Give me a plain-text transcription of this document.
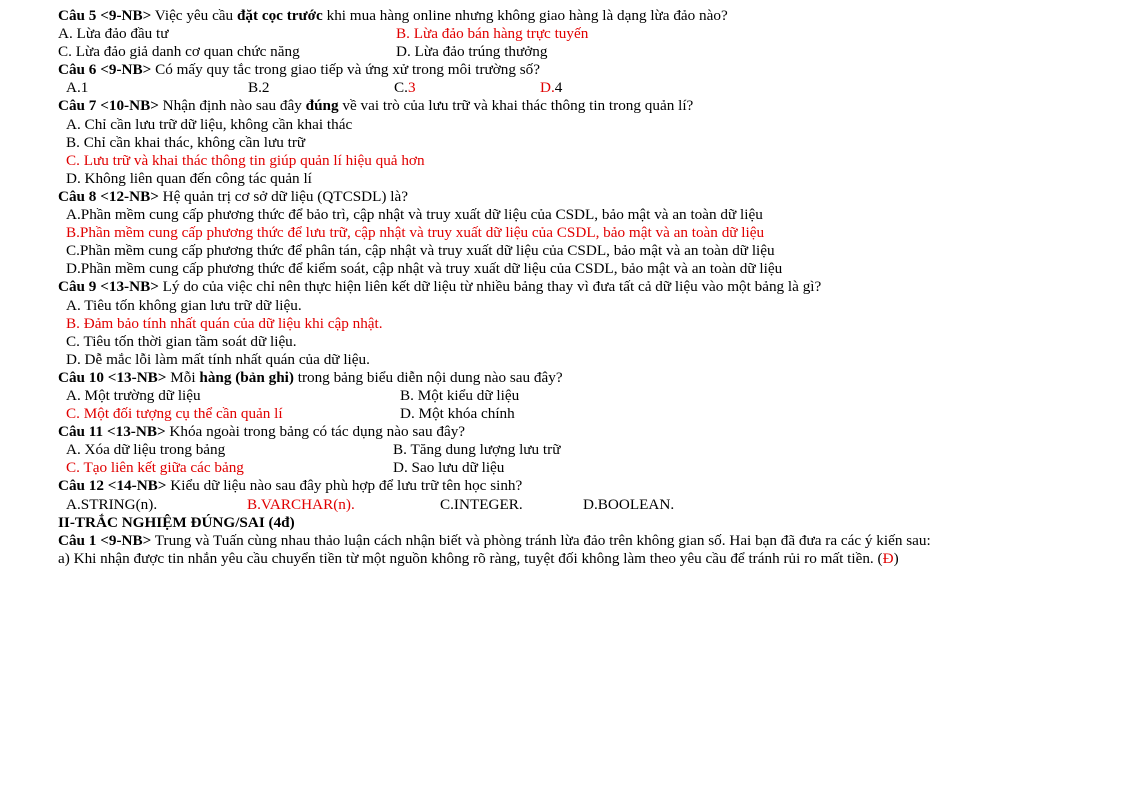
Câu 5 <9-NB> Việc yêu cầu đặt cọc trước khi mua hàng online nhưng không giao hàng là dạng lừa đảo nào?
A. Lừa đảo đầu tư	B. Lừa đảo bán hàng trực tuyến
C. Lừa đảo giả danh cơ quan chức năng	D. Lừa đảo trúng thưởng
Câu 6 <9-NB> Có mấy quy tắc trong giao tiếp và ứng xử trong môi trường số?
A.1	B.2	C.3	D.4
Câu 7 <10-NB> Nhận định nào sau đây đúng về vai trò của lưu trữ và khai thác thông tin trong quản lí?
A. Chỉ cần lưu trữ dữ liệu, không cần khai thác
B. Chỉ cần khai thác, không cần lưu trữ
C. Lưu trữ và khai thác thông tin giúp quản lí hiệu quả hơn
D. Không liên quan đến công tác quản lí
Câu 8 <12-NB> Hệ quản trị cơ sở dữ liệu (QTCSDL) là?
A.Phần mềm cung cấp phương thức để bảo trì, cập nhật và truy xuất dữ liệu của CSDL, bảo mật và an toàn dữ liệu
B.Phần mềm cung cấp phương thức để lưu trữ, cập nhật và truy xuất dữ liệu của CSDL, bảo mật và an toàn dữ liệu
C.Phần mềm cung cấp phương thức để phân tán, cập nhật và truy xuất dữ liệu của CSDL, bảo mật và an toàn dữ liệu
D.Phần mềm cung cấp phương thức để kiểm soát, cập nhật và truy xuất dữ liệu của CSDL, bảo mật và an toàn dữ liệu
Câu 9 <13-NB> Lý do của việc chỉ nên thực hiện liên kết dữ liệu từ nhiều bảng thay vì đưa tất cả dữ liệu vào một bảng là gì?
A. Tiêu tốn không gian lưu trữ dữ liệu.
B. Đảm bảo tính nhất quán của dữ liệu khi cập nhật.
C. Tiêu tốn thời gian tầm soát dữ liệu.
D. Dễ mắc lỗi làm mất tính nhất quán của dữ liệu.
Câu 10 <13-NB> Mỗi hàng (bản ghi) trong bảng biểu diễn nội dung nào sau đây?
A. Một trường dữ liệu	B. Một kiểu dữ liệu
C. Một đối tượng cụ thể cần quản lí	D. Một khóa chính
Câu 11 <13-NB> Khóa ngoài trong bảng có tác dụng nào sau đây?
A. Xóa dữ liệu trong bảng	B. Tăng dung lượng lưu trữ
C. Tạo liên kết giữa các bảng	D. Sao lưu dữ liệu
Câu 12 <14-NB> Kiểu dữ liệu nào sau đây phù hợp để lưu trữ tên học sinh?
A.STRING(n).	B.VARCHAR(n).	C.INTEGER.	D.BOOLEAN.
II-TRẮC NGHIỆM ĐÚNG/SAI (4đ)
Câu 1 <9-NB> Trung và Tuấn cùng nhau thảo luận cách nhận biết và phòng tránh lừa đảo trên không gian số. Hai bạn đã đưa ra các ý kiến sau:
a) Khi nhận được tin nhắn yêu cầu chuyển tiền từ một nguồn không rõ ràng, tuyệt đối không làm theo yêu cầu để tránh rủi ro mất tiền. (Đ)
